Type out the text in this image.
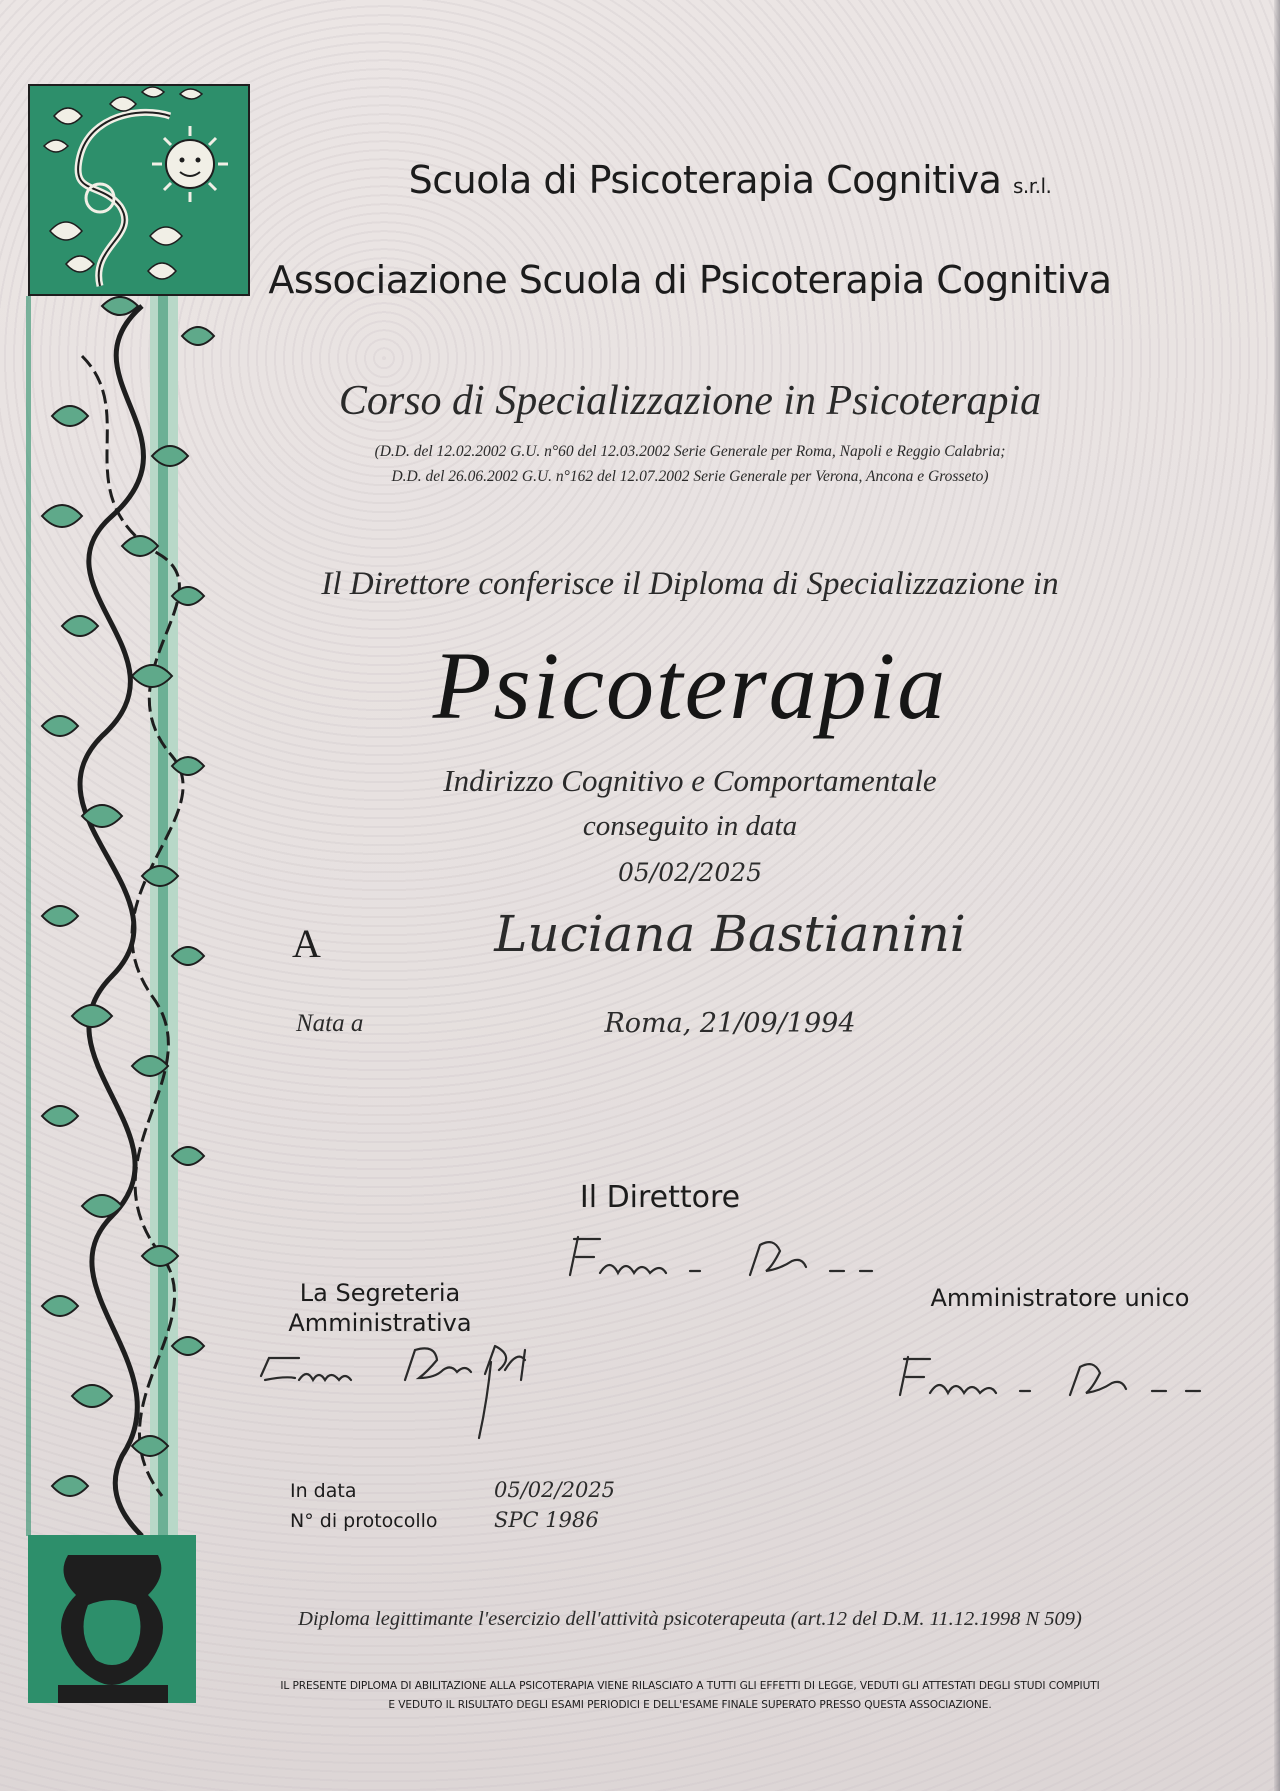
Scuola di Psicoterapia Cognitiva s.r.l.
Associazione Scuola di Psicoterapia Cognitiva
Corso di Specializzazione in Psicoterapia
(D.D. del 12.02.2002 G.U. n°60 del 12.03.2002 Serie Generale per Roma, Napoli e Reggio Calabria;
D.D. del 26.06.2002 G.U. n°162 del 12.07.2002 Serie Generale per Verona, Ancona e Grosseto)
Il Direttore conferisce il Diploma di Specializzazione in
Psicoterapia
Indirizzo Cognitivo e Comportamentale
conseguito in data
05/02/2025
A	Luciana Bastianini
Nata a	Roma, 21/09/1994
Il Direttore
La Segreteria
Amministrativa
Amministratore unico
In data	05/02/2025
N° di protocollo	SPC 1986
Diploma legittimante l'esercizio dell'attività psicoterapeuta (art.12 del D.M. 11.12.1998 N 509)
IL PRESENTE DIPLOMA DI ABILITAZIONE ALLA PSICOTERAPIA VIENE RILASCIATO A TUTTI GLI EFFETTI DI LEGGE, VEDUTI GLI ATTESTATI DEGLI STUDI COMPIUTI
E VEDUTO IL RISULTATO DEGLI ESAMI PERIODICI E DELL'ESAME FINALE SUPERATO PRESSO QUESTA ASSOCIAZIONE.
